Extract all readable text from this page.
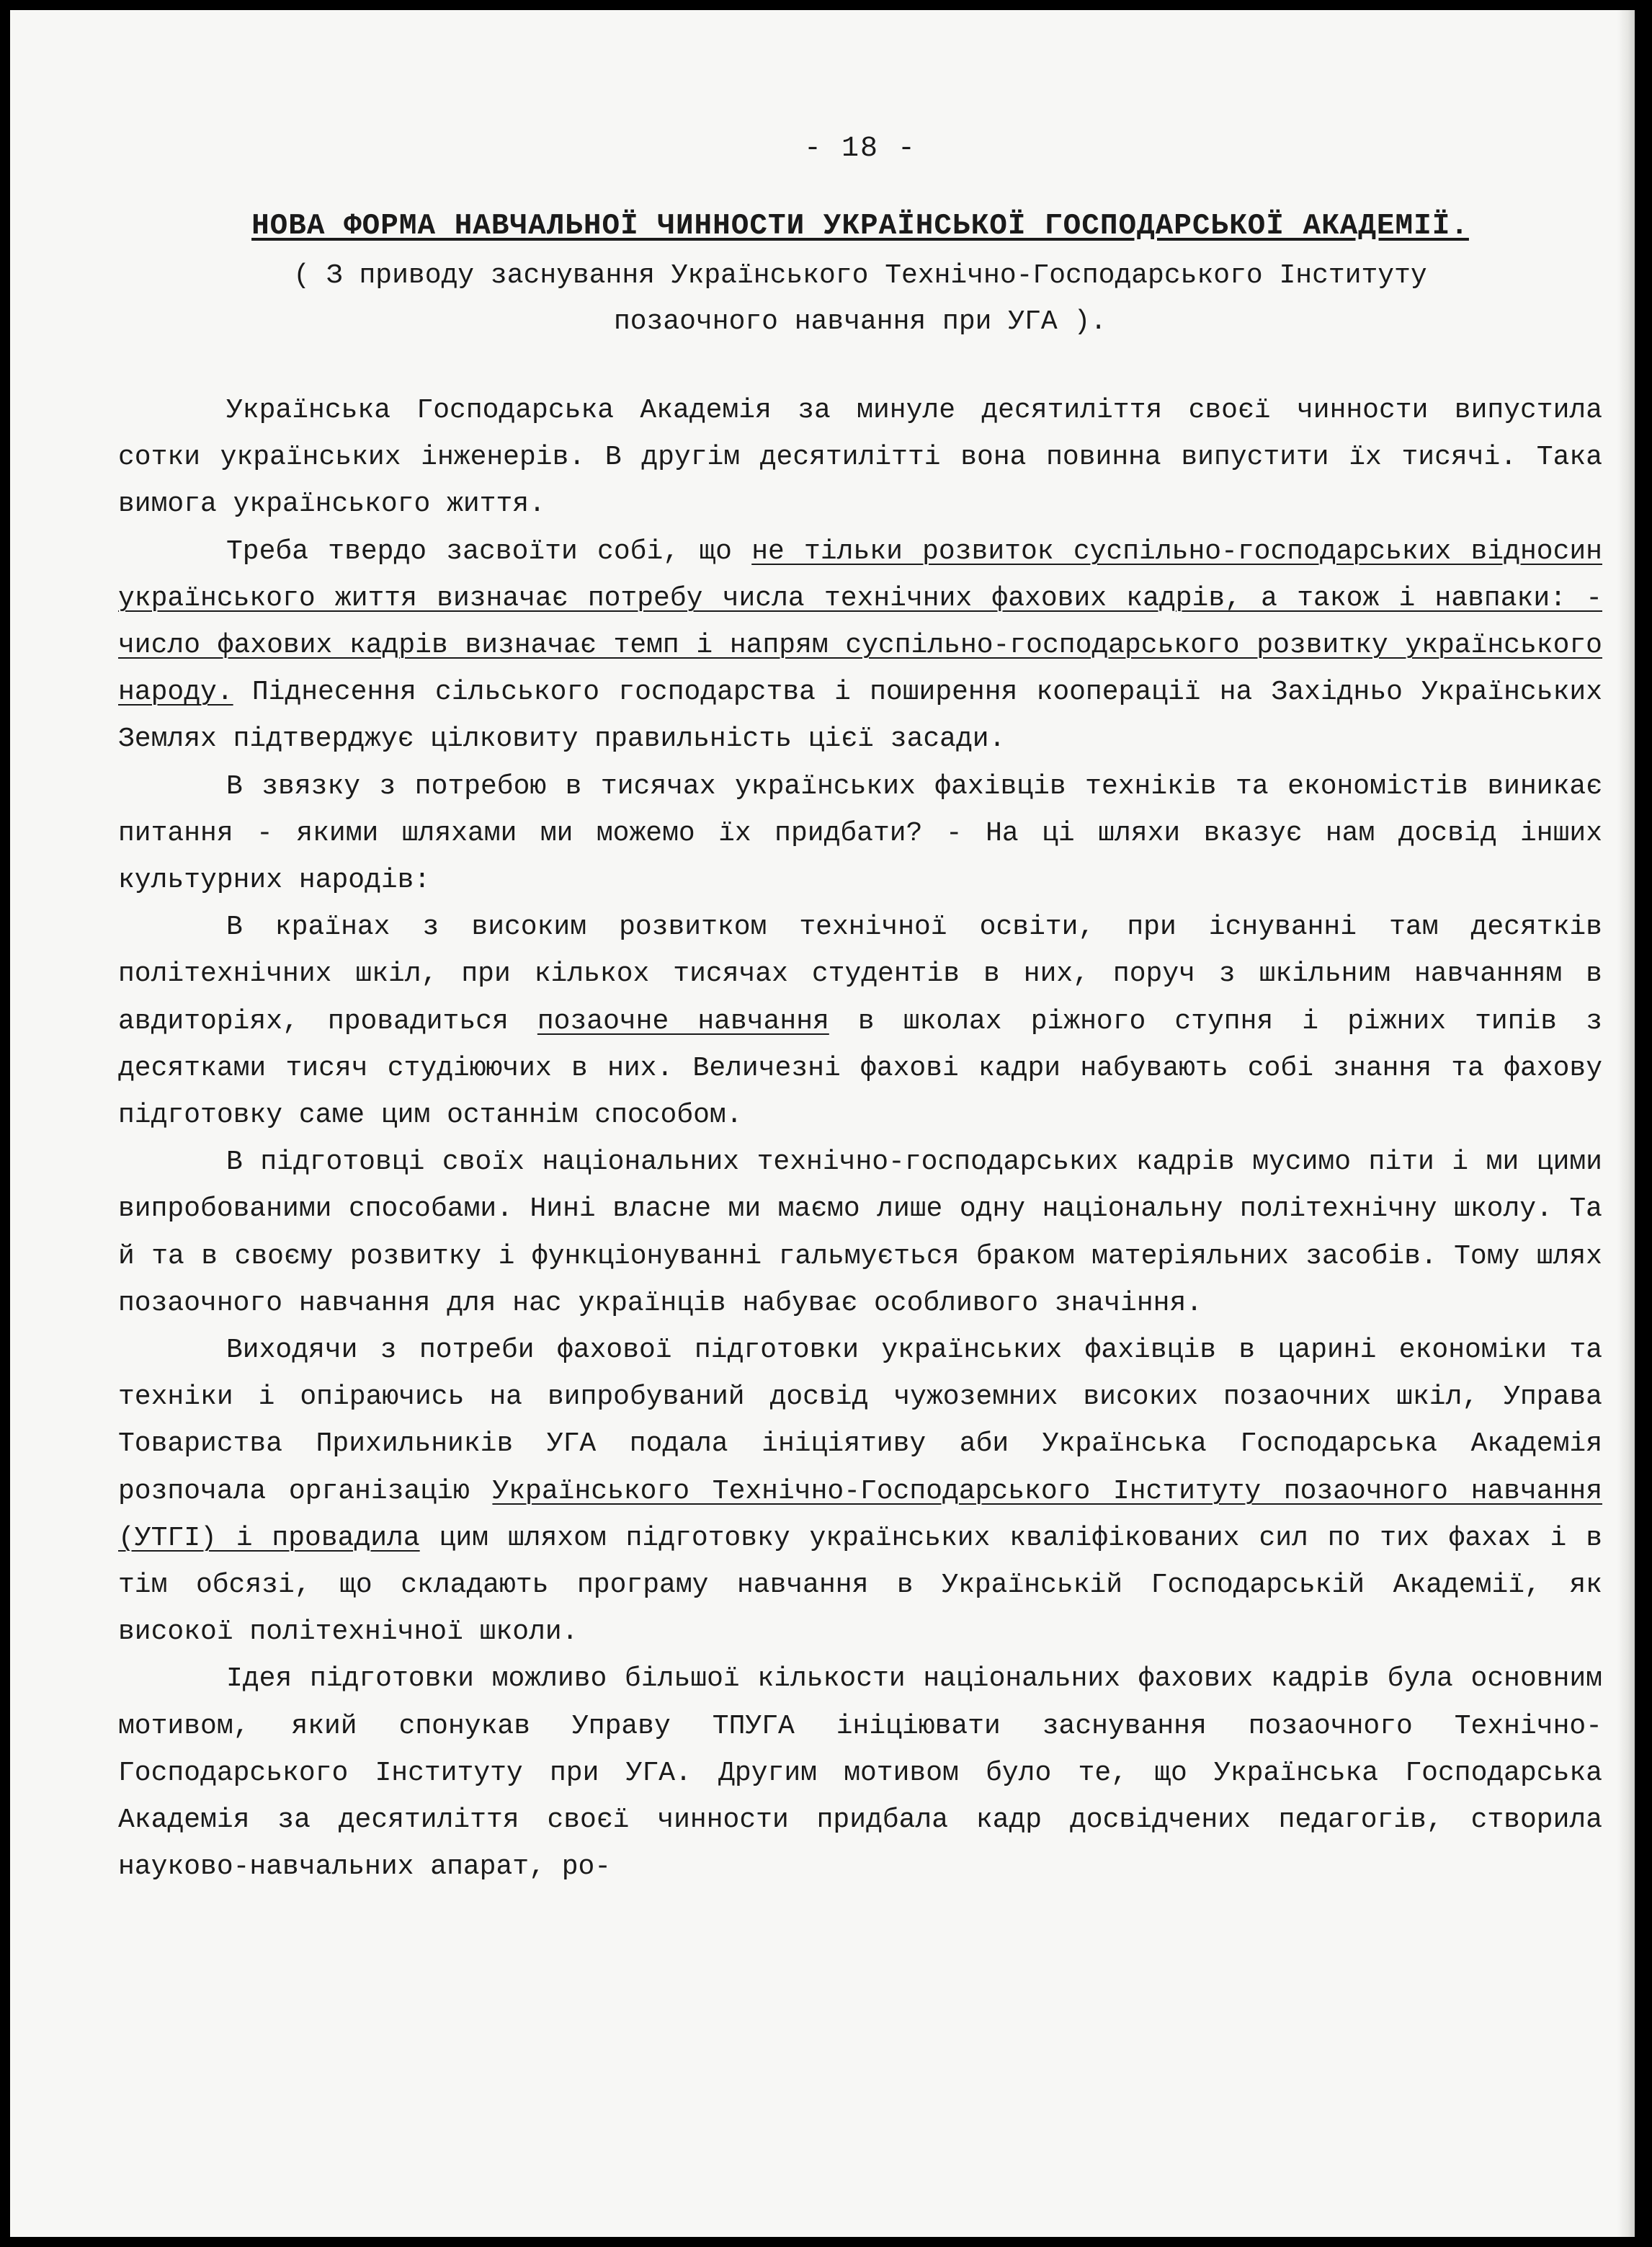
- 18 -
НОВА ФОРМА НАВЧАЛЬНОЇ ЧИННОСТИ УКРАЇНСЬКОЇ ГОСПОДАРСЬКОЇ АКАДЕМІЇ.
( З приводу заснування Українського Технічно-Господарського Інституту
позаочного навчання при УГА ).

Українська Господарська Академія за минуле десятиліття своєї чинности випустила сотки українських інженерів. В другім десятилітті вона повинна випустити їх тисячі. Така вимога українського життя.

Треба твердо засвоїти собі, що не тільки розвиток суспільно-господарських відносин українського життя визначає потребу числа технічних фахових кадрів, а також і навпаки: - число фахових кадрів визначає темп і напрям суспільно-господарського розвитку українського народу. Піднесення сільського господарства і поширення кооперації на Західньо Українських Землях підтверджує цілковиту правильність цієї засади.

В звязку з потребою в тисячах українських фахівців техніків та економістів виникає питання - якими шляхами ми можемо їх придбати? - На ці шляхи вказує нам досвід інших культурних народів:

В країнах з високим розвитком технічної освіти, при існуванні там десятків політехнічних шкіл, при кількох тисячах студентів в них, поруч з шкільним навчанням в авдиторіях, провадиться позаочне навчання в школах ріжного ступня і ріжних типів з десятками тисяч студіюючих в них. Величезні фахові кадри набувають собі знання та фахову підготовку саме цим останнім способом.

В підготовці своїх національних технічно-господарських кадрів мусимо піти і ми цими випробованими способами. Нині власне ми маємо лише одну національну політехнічну школу. Та й та в своєму розвитку і функціонуванні гальмується браком матеріяльних засобів. Тому шлях позаочного навчання для нас українців набуває особливого значіння.

Виходячи з потреби фахової підготовки українських фахівців в царині економіки та техніки і опіраючись на випробуваний досвід чужоземних високих позаочних шкіл, Управа Товариства Прихильників УГА подала ініціятиву аби Українська Господарська Академія розпочала організацію Українського Технічно-Господарського Інституту позаочного навчання (УТГІ) і провадила цим шляхом підготовку українських кваліфікованих сил по тих фахах і в тім обсязі, що складають програму навчання в Українській Господарській Академії, як високої політехнічної школи.

Ідея підготовки можливо більшої кількости національних фахових кадрів була основним мотивом, який спонукав Управу ТПУГА ініціювати заснування позаочного Технічно-Господарського Інституту при УГА. Другим мотивом було те, що Українська Господарська Академія за десятиліття своєї чинности придбала кадр досвідчених педагогів, створила науково-навчальних апарат, ро-
